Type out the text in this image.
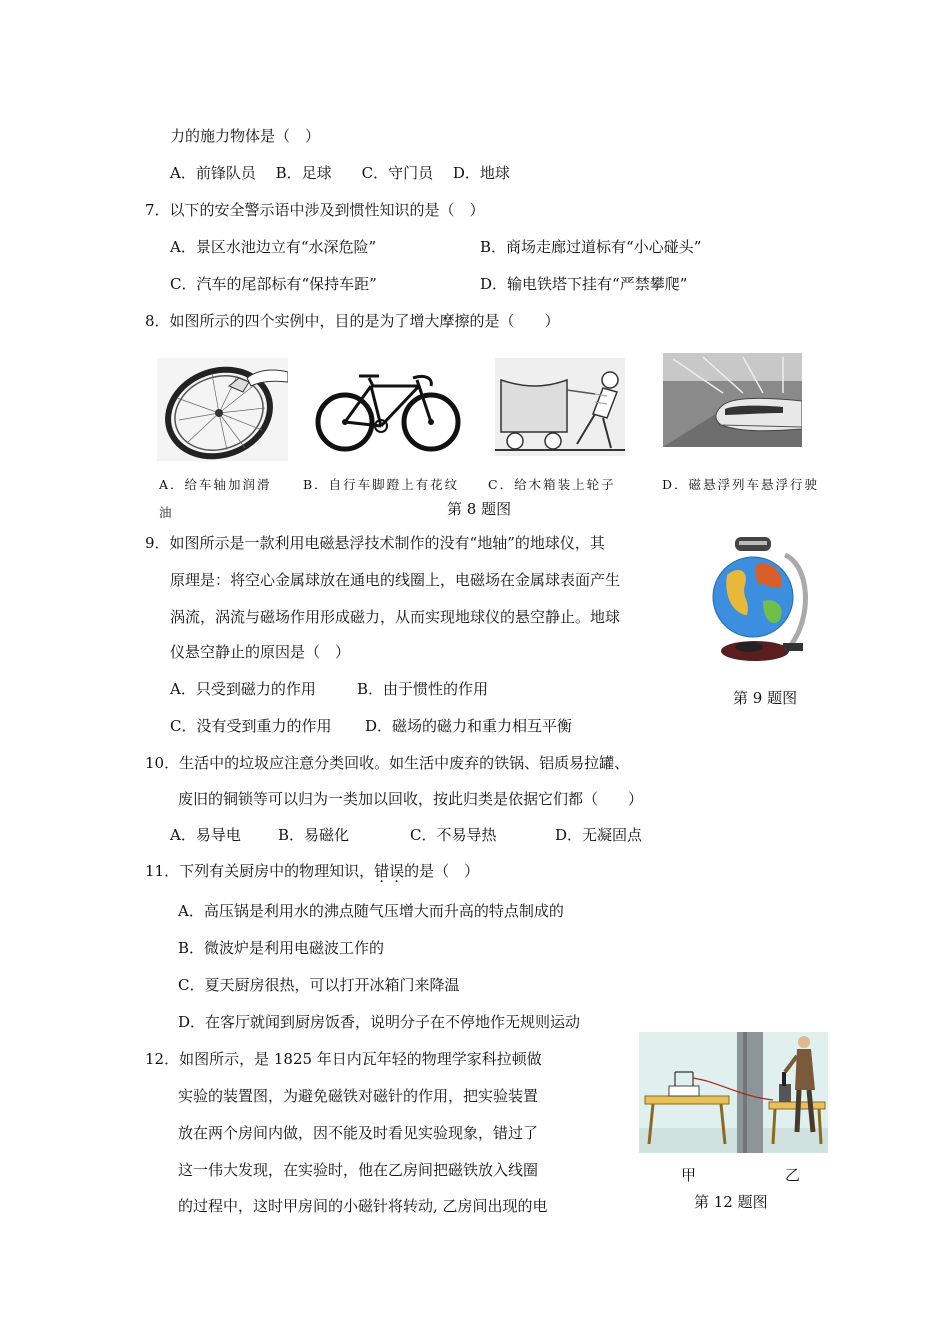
力的施力物体是（　）
A．前锋队员　 B．足球　　C．守门员　 D．地球
7．以下的安全警示语中涉及到惯性知识的是（　）
A．景区水池边立有“水深危险”	B．商场走廊过道标有“小心碰头”
C．汽车的尾部标有“保持车距”	D．输电铁塔下挂有“严禁攀爬”
8．如图所示的四个实例中，目的是为了增大摩擦的是（　　）
A．给车轴加润滑
油
B．自行车脚蹬上有花纹 C．给木箱装上轮子	D．磁悬浮列车悬浮行驶
第 8 题图
9．如图所示是一款利用电磁悬浮技术制作的没有“地轴”的地球仪，其
原理是：将空心金属球放在通电的线圈上，电磁场在金属球表面产生
涡流，涡流与磁场作用形成磁力，从而实现地球仪的悬空静止。地球
仪悬空静止的原因是（　）
A．只受到磁力的作用	B．由于惯性的作用
C．没有受到重力的作用 D．磁场的磁力和重力相互平衡
第 9 题图
10．生活中的垃圾应注意分类回收。如生活中废弃的铁锅、铝质易拉罐、
废旧的铜锁等可以归为一类加以回收，按此归类是依据它们都（　　）
A．易导电 B．易磁化	C．不易导热	D．无凝固点
11．下列有关厨房中的物理知识，错误的是（　）
A．高压锅是利用水的沸点随气压增大而升高的特点制成的
B．微波炉是利用电磁波工作的
C．夏天厨房很热，可以打开冰箱门来降温
D．在客厅就闻到厨房饭香，说明分子在不停地作无规则运动
12．如图所示，是 1825 年日内瓦年轻的物理学家科拉顿做
实验的装置图，为避免磁铁对磁针的作用，把实验装置
放在两个房间内做，因不能及时看见实验现象，错过了
这一伟大发现，在实验时，他在乙房间把磁铁放入线圈
的过程中，这时甲房间的小磁针将转动, 乙房间出现的电
甲	乙
第 12 题图
